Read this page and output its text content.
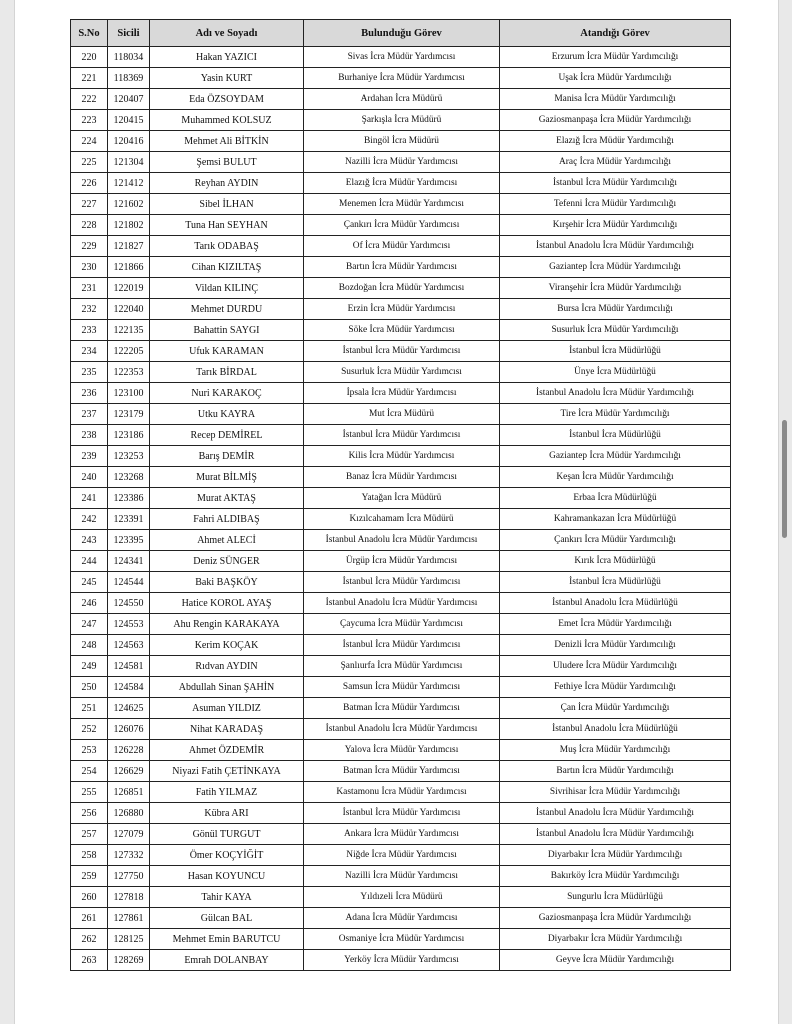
S.No	Sicili	Adı ve Soyadı	Bulunduğu Görev	Atandığı Görev
220	118034	Hakan YAZICI	Sivas İcra Müdür Yardımcısı	Erzurum İcra Müdür Yardımcılığı
221	118369	Yasin KURT	Burhaniye İcra Müdür Yardımcısı	Uşak İcra Müdür Yardımcılığı
222	120407	Eda ÖZSOYDAM	Ardahan İcra Müdürü	Manisa İcra Müdür Yardımcılığı
223	120415	Muhammed KOLSUZ	Şarkışla İcra Müdürü	Gaziosmanpaşa İcra Müdür Yardımcılığı
224	120416	Mehmet Ali BİTKİN	Bingöl İcra Müdürü	Elazığ İcra Müdür Yardımcılığı
225	121304	Şemsi BULUT	Nazilli İcra Müdür Yardımcısı	Araç İcra Müdür Yardımcılığı
226	121412	Reyhan AYDIN	Elazığ İcra Müdür Yardımcısı	İstanbul İcra Müdür Yardımcılığı
227	121602	Sibel İLHAN	Menemen İcra Müdür Yardımcısı	Tefenni İcra Müdür Yardımcılığı
228	121802	Tuna Han SEYHAN	Çankırı İcra Müdür Yardımcısı	Kırşehir İcra Müdür Yardımcılığı
229	121827	Tarık ODABAŞ	Of İcra Müdür Yardımcısı	İstanbul Anadolu İcra Müdür Yardımcılığı
230	121866	Cihan KIZILTAŞ	Bartın İcra Müdür Yardımcısı	Gaziantep İcra Müdür Yardımcılığı
231	122019	Vildan KILINÇ	Bozdoğan İcra Müdür Yardımcısı	Viranşehir İcra Müdür Yardımcılığı
232	122040	Mehmet DURDU	Erzin İcra Müdür Yardımcısı	Bursa İcra Müdür Yardımcılığı
233	122135	Bahattin SAYGI	Söke İcra Müdür Yardımcısı	Susurluk İcra Müdür Yardımcılığı
234	122205	Ufuk KARAMAN	İstanbul İcra Müdür Yardımcısı	İstanbul İcra Müdürlüğü
235	122353	Tarık BİRDAL	Susurluk İcra Müdür Yardımcısı	Ünye İcra Müdürlüğü
236	123100	Nuri KARAKOÇ	İpsala İcra Müdür Yardımcısı	İstanbul Anadolu İcra Müdür Yardımcılığı
237	123179	Utku KAYRA	Mut İcra Müdürü	Tire İcra Müdür Yardımcılığı
238	123186	Recep DEMİREL	İstanbul İcra Müdür Yardımcısı	İstanbul İcra Müdürlüğü
239	123253	Barış DEMİR	Kilis İcra Müdür Yardımcısı	Gaziantep İcra Müdür Yardımcılığı
240	123268	Murat BİLMİŞ	Banaz İcra Müdür Yardımcısı	Keşan İcra Müdür Yardımcılığı
241	123386	Murat AKTAŞ	Yatağan İcra Müdürü	Erbaa İcra Müdürlüğü
242	123391	Fahri ALDIBAŞ	Kızılcahamam İcra Müdürü	Kahramankazan İcra Müdürlüğü
243	123395	Ahmet ALECİ	İstanbul Anadolu İcra Müdür Yardımcısı	Çankırı İcra Müdür Yardımcılığı
244	124341	Deniz SÜNGER	Ürgüp İcra Müdür Yardımcısı	Kırık İcra Müdürlüğü
245	124544	Baki BAŞKÖY	İstanbul İcra Müdür Yardımcısı	İstanbul İcra Müdürlüğü
246	124550	Hatice KOROL AYAŞ	İstanbul Anadolu İcra Müdür Yardımcısı	İstanbul Anadolu İcra Müdürlüğü
247	124553	Ahu Rengin KARAKAYA	Çaycuma İcra Müdür Yardımcısı	Emet İcra Müdür Yardımcılığı
248	124563	Kerim KOÇAK	İstanbul İcra Müdür Yardımcısı	Denizli İcra Müdür Yardımcılığı
249	124581	Rıdvan AYDIN	Şanlıurfa İcra Müdür Yardımcısı	Uludere İcra Müdür Yardımcılığı
250	124584	Abdullah Sinan ŞAHİN	Samsun İcra Müdür Yardımcısı	Fethiye İcra Müdür Yardımcılığı
251	124625	Asuman YILDIZ	Batman İcra Müdür Yardımcısı	Çan İcra Müdür Yardımcılığı
252	126076	Nihat KARADAŞ	İstanbul Anadolu İcra Müdür Yardımcısı	İstanbul Anadolu İcra Müdürlüğü
253	126228	Ahmet ÖZDEMİR	Yalova İcra Müdür Yardımcısı	Muş İcra Müdür Yardımcılığı
254	126629	Niyazi Fatih ÇETİNKAYA	Batman İcra Müdür Yardımcısı	Bartın İcra Müdür Yardımcılığı
255	126851	Fatih YILMAZ	Kastamonu İcra Müdür Yardımcısı	Sivrihisar İcra Müdür Yardımcılığı
256	126880	Kübra ARI	İstanbul İcra Müdür Yardımcısı	İstanbul Anadolu İcra Müdür Yardımcılığı
257	127079	Gönül TURGUT	Ankara İcra Müdür Yardımcısı	İstanbul Anadolu İcra Müdür Yardımcılığı
258	127332	Ömer KOÇYİĞİT	Niğde İcra Müdür Yardımcısı	Diyarbakır İcra Müdür Yardımcılığı
259	127750	Hasan KOYUNCU	Nazilli İcra Müdür Yardımcısı	Bakırköy İcra Müdür Yardımcılığı
260	127818	Tahir KAYA	Yıldızeli İcra Müdürü	Sungurlu İcra Müdürlüğü
261	127861	Gülcan BAL	Adana İcra Müdür Yardımcısı	Gaziosmanpaşa İcra Müdür Yardımcılığı
262	128125	Mehmet Emin BARUTCU	Osmaniye İcra Müdür Yardımcısı	Diyarbakır İcra Müdür Yardımcılığı
263	128269	Emrah DOLANBAY	Yerköy İcra Müdür Yardımcısı	Geyve İcra Müdür Yardımcılığı
